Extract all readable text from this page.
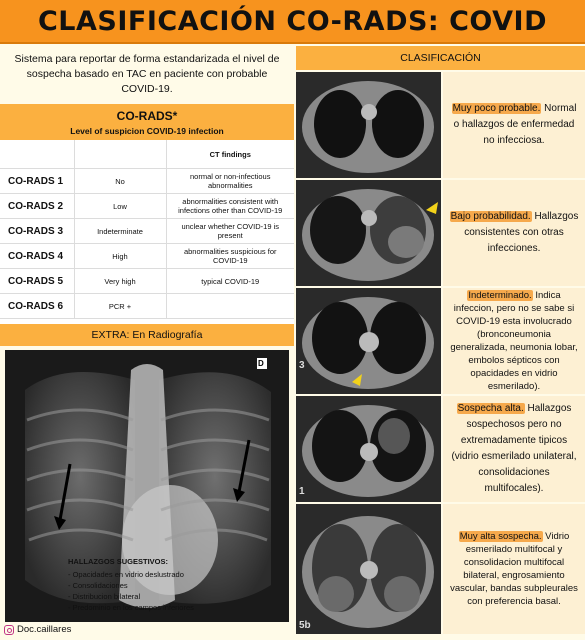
CLASIFICACIÓN CO-RADS: COVID
Sistema para reportar de forma estandarizada el nivel de sospecha basado en TAC en paciente con probable COVID-19.
CO-RADS*
Level of suspicion COVID-19 infection
		CT findings
CO-RADS 1	No	normal or non-infectious abnormalities
CO-RADS 2	Low	abnormalities consistent with infections other than COVID-19
CO-RADS 3	Indeterminate	unclear whether COVID-19 is present
CO-RADS 4	High	abnormalities suspicious for COVID-19
CO-RADS 5	Very high	typical COVID-19
CO-RADS 6	PCR +	
EXTRA: En Radiografía
D
HALLAZGOS SUGESTIVOS:
- Opacidades en vidrio deslustrado
- Consolidaciones
- Distribucion bilateral
- Predominio en los campos inferiores
Doc.caillares
CLASIFICACIÓN
Muy poco probable. Normal o hallazgos de enfermedad no infecciosa.
Bajo probabilidad. Hallazgos consistentes con otras infecciones.
3
Indeterminado. Indica infeccion, pero no se sabe si COVID-19 esta involucrado (bronconeumonia generalizada, neumonia lobar, embolos sépticos con opacidades en vidrio esmerilado).
1
Sospecha alta. Hallazgos sospechosos pero no extremadamente tipicos (vidrio esmerilado unilateral, consolidaciones multifocales).
5b
Muy alta sospecha. Vidrio esmerilado multifocal y consolidacion multifocal bilateral, engrosamiento vascular, bandas subpleurales con preferencia basal.
